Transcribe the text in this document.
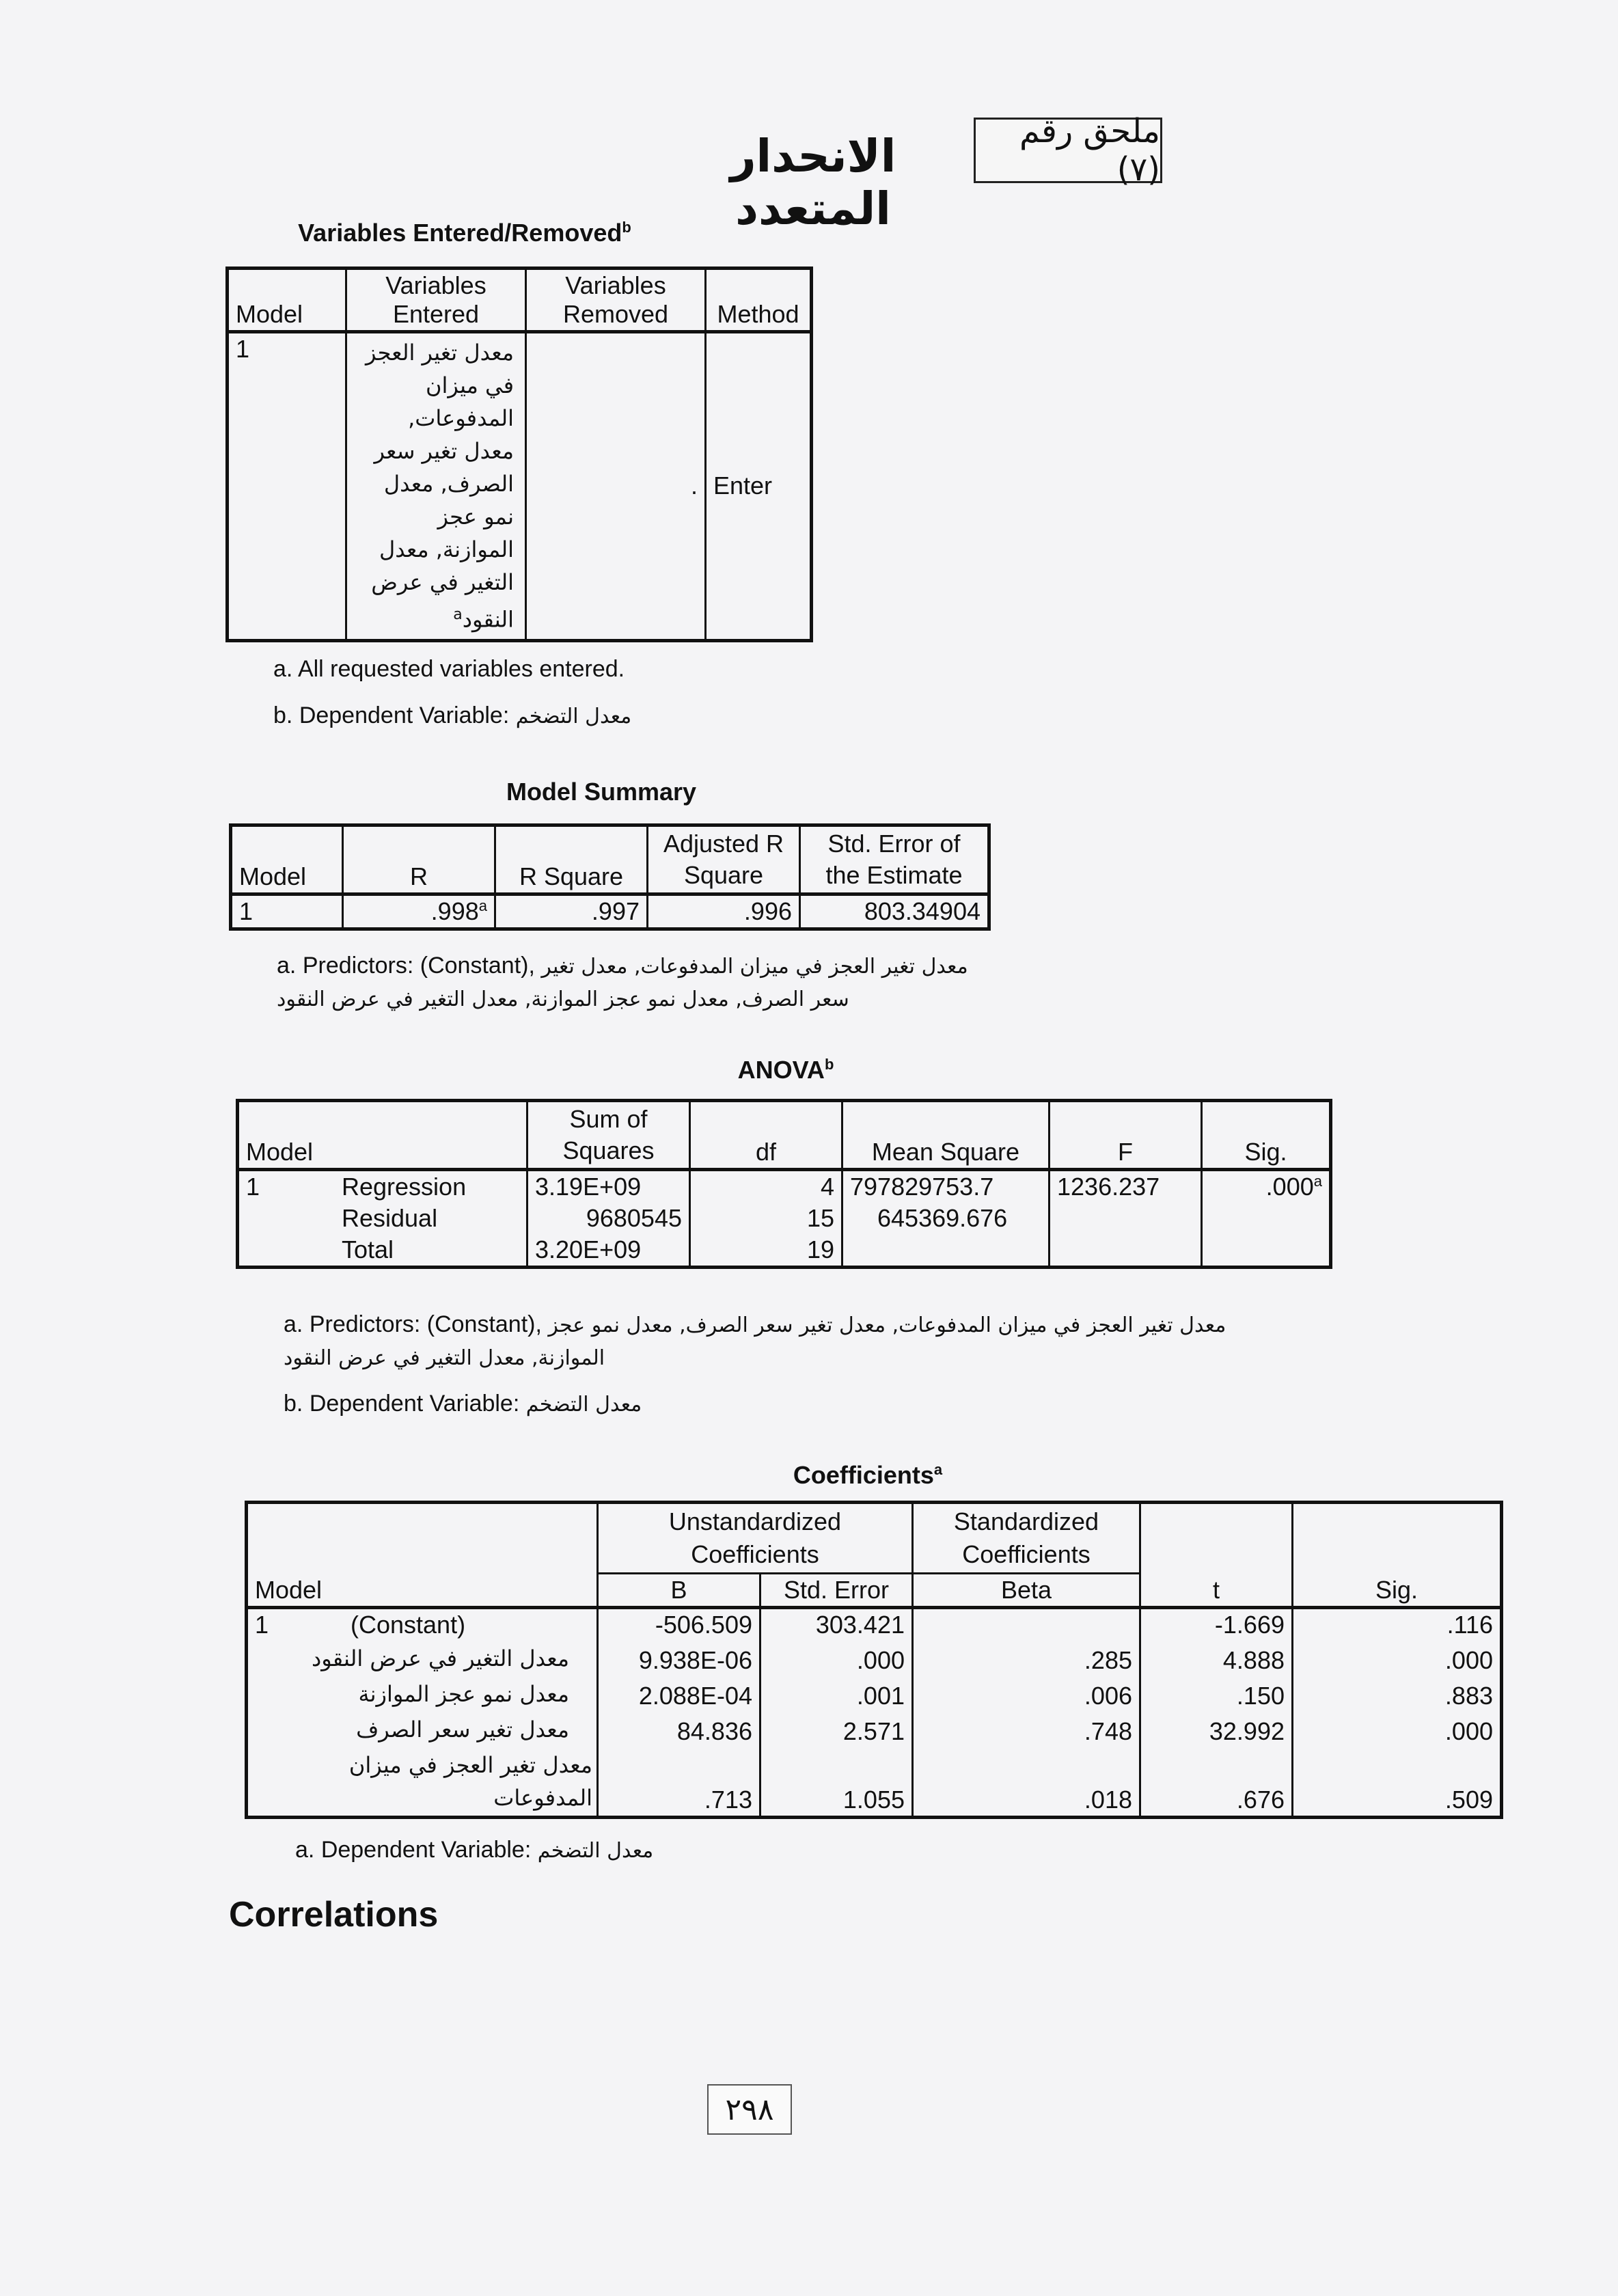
الانحدار المتعدد
ملحق رقم (٧)
Variables Entered/Removed$^b$
Model	Variables Entered	Variables Removed	Method
1	معدل تغير العجز في ميزان المدفوعات, معدل تغير سعر الصرف, معدل نمو عجز الموازنة, معدل التغير في عرض النقود$^a$	.	Enter
a. All requested variables entered.
b. Dependent Variable: معدل التضخم
Model Summary
Model	R	R Square	Adjusted R Square	Std. Error of the Estimate
1	.998$^a$	.997	.996	803.34904
a. Predictors: (Constant), معدل تغير العجز في ميزان المدفوعات, معدل تغير سعر الصرف, معدل نمو عجز الموازنة, معدل التغير في عرض النقود
ANOVA$^b$
Model	Sum of Squares	df	Mean Square	F	Sig.
1 Regression	3.19E+09	4	797829753.7	1236.237	.000$^a$
Residual	9680545	15	645369.676		
Total	3.20E+09	19			
a. Predictors: (Constant), معدل تغير العجز في ميزان المدفوعات, معدل تغير سعر الصرف, معدل نمو عجز الموازنة, معدل التغير في عرض النقود
b. Dependent Variable: معدل التضخم
Coefficients$^a$
Model	Unstandardized Coefficients		Standardized Coefficients	t	Sig.
	B	Std. Error	Beta		
1 (Constant)	-506.509	303.421		-1.669	.116
معدل التغير في عرض النقود	9.938E-06	.000	.285	4.888	.000
معدل نمو عجز الموازنة	2.088E-04	.001	.006	.150	.883
معدل تغير سعر الصرف	84.836	2.571	.748	32.992	.000
معدل تغير العجز في ميزان المدفوعات	.713	1.055	.018	.676	.509
a. Dependent Variable: معدل التضخم
Correlations
٢٩٨
